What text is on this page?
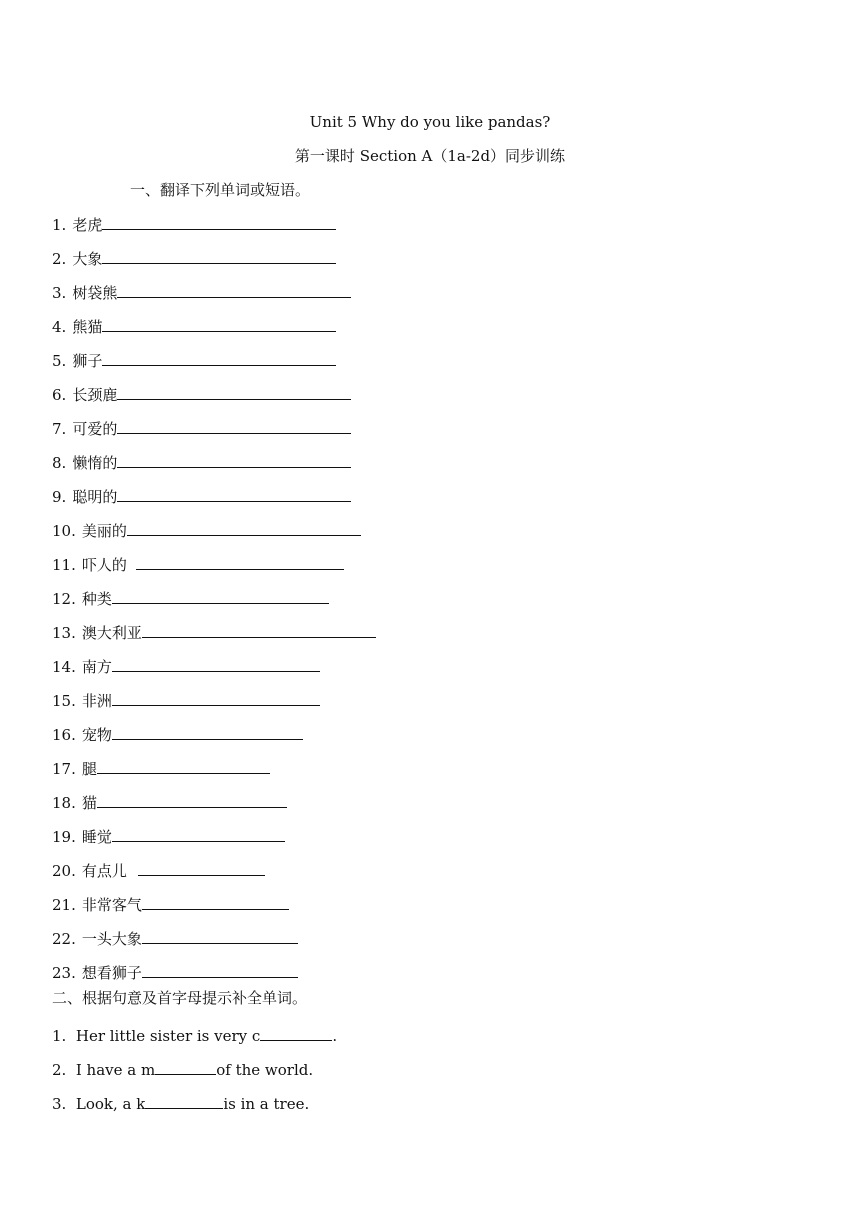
Unit 5 Why do you like pandas?
第一课时 Section A（1a-2d）同步训练
一、翻译下列单词或短语。
1. 老虎
2. 大象
3. 树袋熊
4. 熊猫
5. 狮子
6. 长颈鹿
7. 可爱的
8. 懒惰的
9. 聪明的
10. 美丽的
11. 吓人的
12. 种类
13. 澳大利亚
14. 南方
15. 非洲
16. 宠物
17. 腿
18. 猫
19. 睡觉
20. 有点儿
21. 非常客气
22. 一头大象
23. 想看狮子
二、根据句意及首字母提示补全单词。
1. Her little sister is very c	.
2. I have a m	of the world.
3. Look, a k	is in a tree.
